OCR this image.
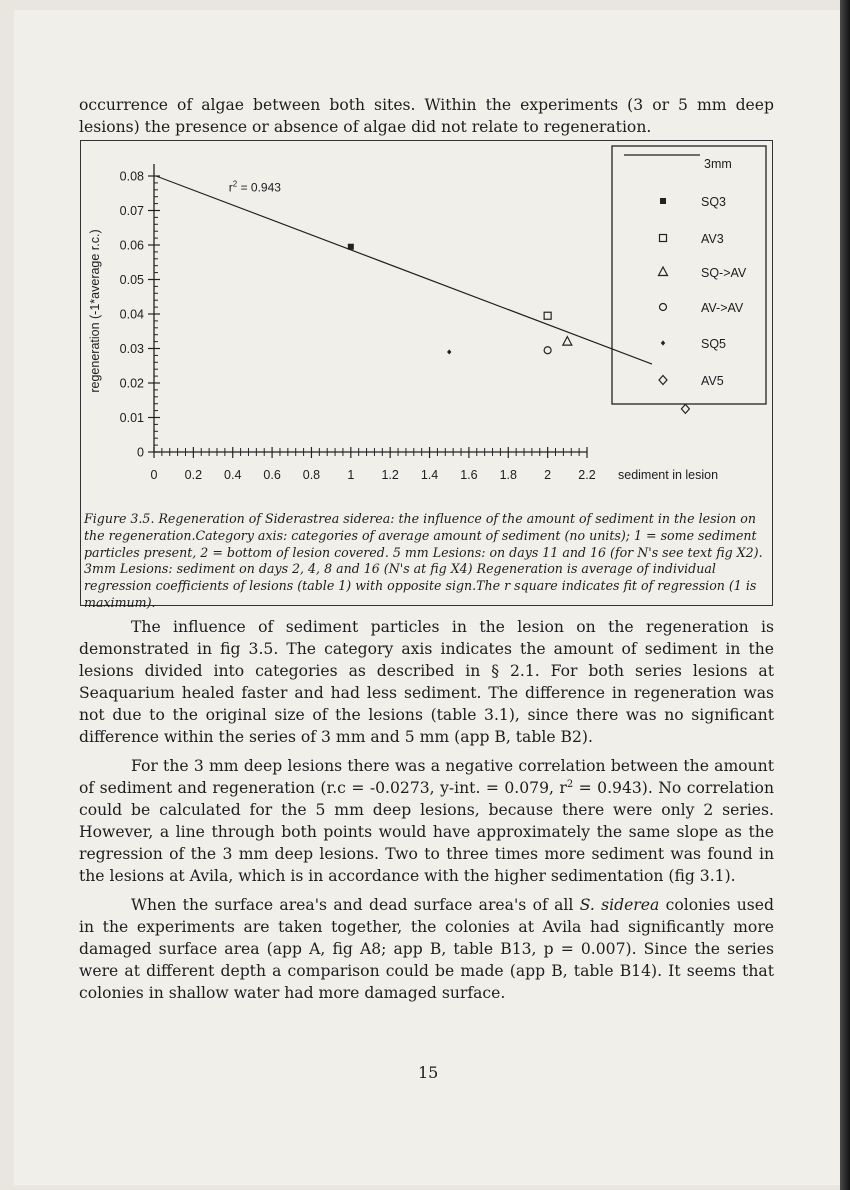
occurrence of algae between both sites. Within the experiments (3 or 5 mm deep lesions) the presence or absence of algae did not relate to regeneration.

0
0.01
0.02
0.03
0.04
0.05
0.06
0.07
0.08
0 0.2 0.4 0.6 0.8 1 1.2 1.4 1.6 1.8 2 2.2
regeneration (-1*average r.c.)
sediment in lesion
$r^2 = 0.943$
3mm
SQ3
AV3
SQ->AV
AV->AV
SQ5
AV5
Figure 3.5. Regeneration of Siderastrea siderea: the influence of the amount of sediment in the lesion on the regeneration.Category axis: categories of average amount of sediment (no units); 1 = some sediment particles present, 2 = bottom of lesion covered. 5 mm Lesions: on days 11 and 16 (for N's see text fig X2). 3mm Lesions: sediment on days 2, 4, 8 and 16 (N's at fig X4) Regeneration is average of individual regression coefficients of lesions (table 1) with opposite sign.The r square indicates fit of regression (1 is maximum).

The influence of sediment particles in the lesion on the regeneration is demonstrated in fig 3.5. The category axis indicates the amount of sediment in the lesions divided into categories as described in § 2.1. For both series lesions at Seaquarium healed faster and had less sediment. The difference in regeneration was not due to the original size of the lesions (table 3.1), since there was no significant difference within the series of 3 mm and 5 mm (app B, table B2).

For the 3 mm deep lesions there was a negative correlation between the amount of sediment and regeneration (r.c = -0.0273, y-int. = 0.079, $r^2 = 0.943$). No correlation could be calculated for the 5 mm deep lesions, because there were only 2 series. However, a line through both points would have approximately the same slope as the regression of the 3 mm deep lesions. Two to three times more sediment was found in the lesions at Avila, which is in accordance with the higher sedimentation (fig 3.1).

When the surface area's and dead surface area's of all S. siderea colonies used in the experiments are taken together, the colonies at Avila had significantly more damaged surface area (app A, fig A8; app B, table B13, p = 0.007). Since the series were at different depth a comparison could be made (app B, table B14). It seems that colonies in shallow water had more damaged surface.

15
